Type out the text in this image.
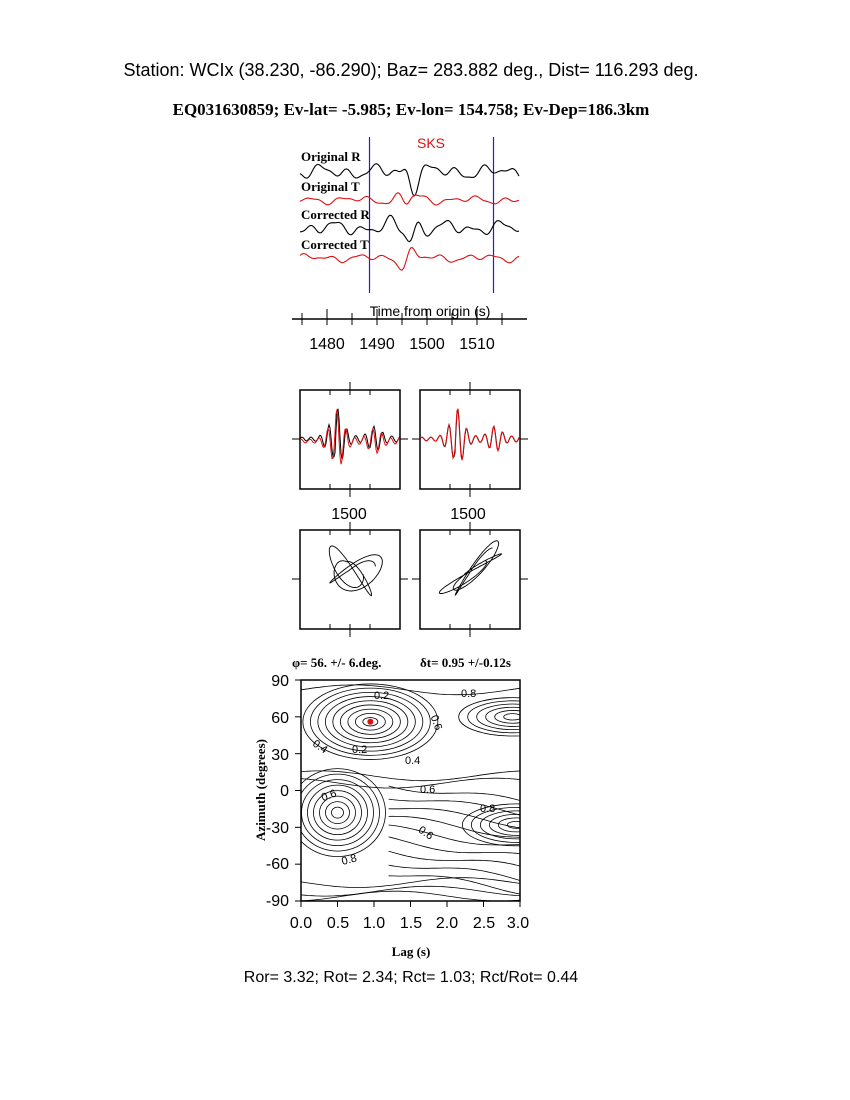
Station: WCIx (38.230, -86.290); Baz= 283.882 deg., Dist= 116.293 deg.
EQ031630859; Ev-lat= -5.985; Ev-lon= 154.758; Ev-Dep=186.3km
SKS
Original R
Original T
Corrected R
Corrected T
Time from origin (s)
1480 1490 1500 1510
1500	1500
φ= 56. +/- 6.deg.	δt= 0.95 +/-0.12s
0.2	0.8
0.6
0.2
0.4
0.4
0.6
0.8
0.6
0.6
0.8
90
60
30
0
-30
-60
-90
0.0 0.5 1.0 1.5 2.0 2.5 3.0
Azimuth (degrees)
Lag (s)
Ror= 3.32; Rot= 2.34; Rct= 1.03; Rct/Rot= 0.44
